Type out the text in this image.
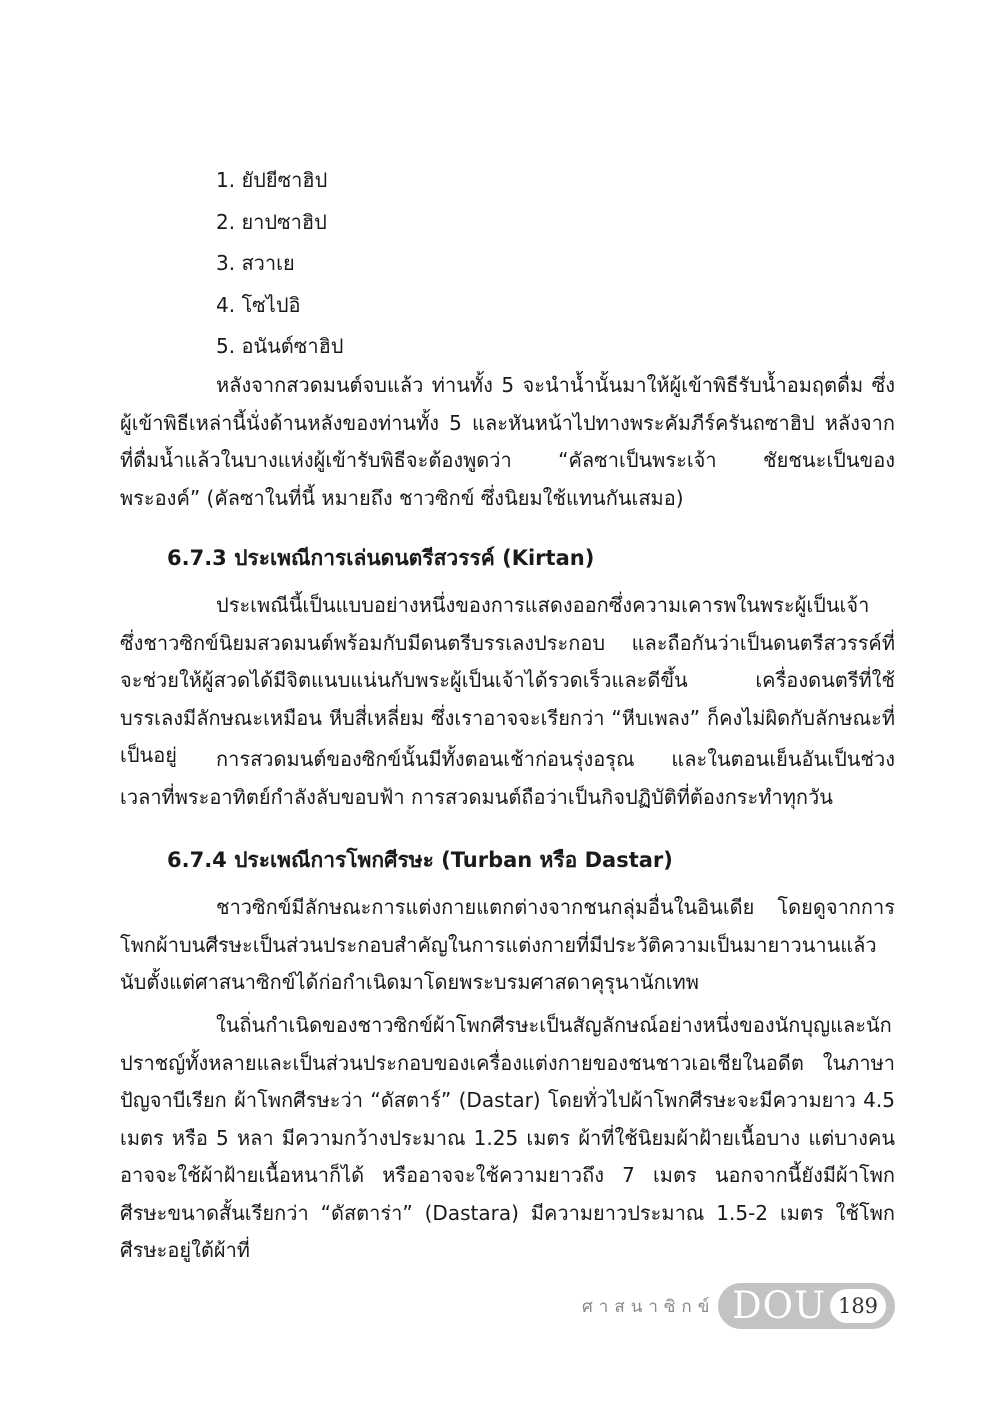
1. ยัปยีซาฮิป
2. ยาปซาฮิป
3. สวาเย
4. โซไปอิ
5. อนันต์ซาฮิป

หลังจากสวดมนต์จบแล้ว ท่านทั้ง 5 จะนำน้ำนั้นมาให้ผู้เข้าพิธีรับน้ำอมฤตดื่ม ซึ่งผู้เข้าพิธีเหล่านี้นั่งด้านหลังของท่านทั้ง 5 และหันหน้าไปทางพระคัมภีร์ครันถซาฮิป หลังจากที่ดื่มน้ำแล้วในบางแห่งผู้เข้ารับพิธีจะต้องพูดว่า “คัลซาเป็นพระเจ้า ชัยชนะเป็นของพระองค์” (คัลซาในที่นี้ หมายถึง ชาวซิกข์ ซึ่งนิยมใช้แทนกันเสมอ)

6.7.3 ประเพณีการเล่นดนตรีสวรรค์ (Kirtan)

ประเพณีนี้เป็นแบบอย่างหนึ่งของการแสดงออกซึ่งความเคารพในพระผู้เป็นเจ้า ซึ่งชาวซิกข์นิยมสวดมนต์พร้อมกับมีดนตรีบรรเลงประกอบ และถือกันว่าเป็นดนตรีสวรรค์ที่จะช่วยให้ผู้สวดได้มีจิตแนบแน่นกับพระผู้เป็นเจ้าได้รวดเร็วและดีขึ้น เครื่องดนตรีที่ใช้บรรเลงมีลักษณะเหมือน หีบสี่เหลี่ยม ซึ่งเราอาจจะเรียกว่า “หีบเพลง” ก็คงไม่ผิดกับลักษณะที่เป็นอยู่	การสวดมนต์ของซิกข์นั้นมีทั้งตอนเช้าก่อนรุ่งอรุณ และในตอนเย็นอันเป็นช่วงเวลาที่พระอาทิตย์กำลังลับขอบฟ้า การสวดมนต์ถือว่าเป็นกิจปฏิบัติที่ต้องกระทำทุกวัน

6.7.4 ประเพณีการโพกศีรษะ (Turban หรือ Dastar)

ชาวซิกข์มีลักษณะการแต่งกายแตกต่างจากชนกลุ่มอื่นในอินเดีย โดยดูจากการโพกผ้าบนศีรษะเป็นส่วนประกอบสำคัญในการแต่งกายที่มีประวัติความเป็นมายาวนานแล้ว นับตั้งแต่ศาสนาซิกข์ได้ก่อกำเนิดมาโดยพระบรมศาสดาคุรุนานักเทพ

ในถิ่นกำเนิดของชาวซิกข์ผ้าโพกศีรษะเป็นสัญลักษณ์อย่างหนึ่งของนักบุญและนักปราชญ์ทั้งหลายและเป็นส่วนประกอบของเครื่องแต่งกายของชนชาวเอเชียในอดีต ในภาษาปัญจาบีเรียก ผ้าโพกศีรษะว่า “ดัสตาร์” (Dastar) โดยทั่วไปผ้าโพกศีรษะจะมีความยาว 4.5 เมตร หรือ 5 หลา มีความกว้างประมาณ 1.25 เมตร ผ้าที่ใช้นิยมผ้าฝ้ายเนื้อบาง แต่บางคนอาจจะใช้ผ้าฝ้ายเนื้อหนาก็ได้ หรืออาจจะใช้ความยาวถึง 7 เมตร นอกจากนี้ยังมีผ้าโพกศีรษะขนาดสั้นเรียกว่า “ดัสตาร่า” (Dastara) มีความยาวประมาณ 1.5-2 เมตร ใช้โพกศีรษะอยู่ใต้ผ้าที่

ศาสนาซิกข์ DOU 189
